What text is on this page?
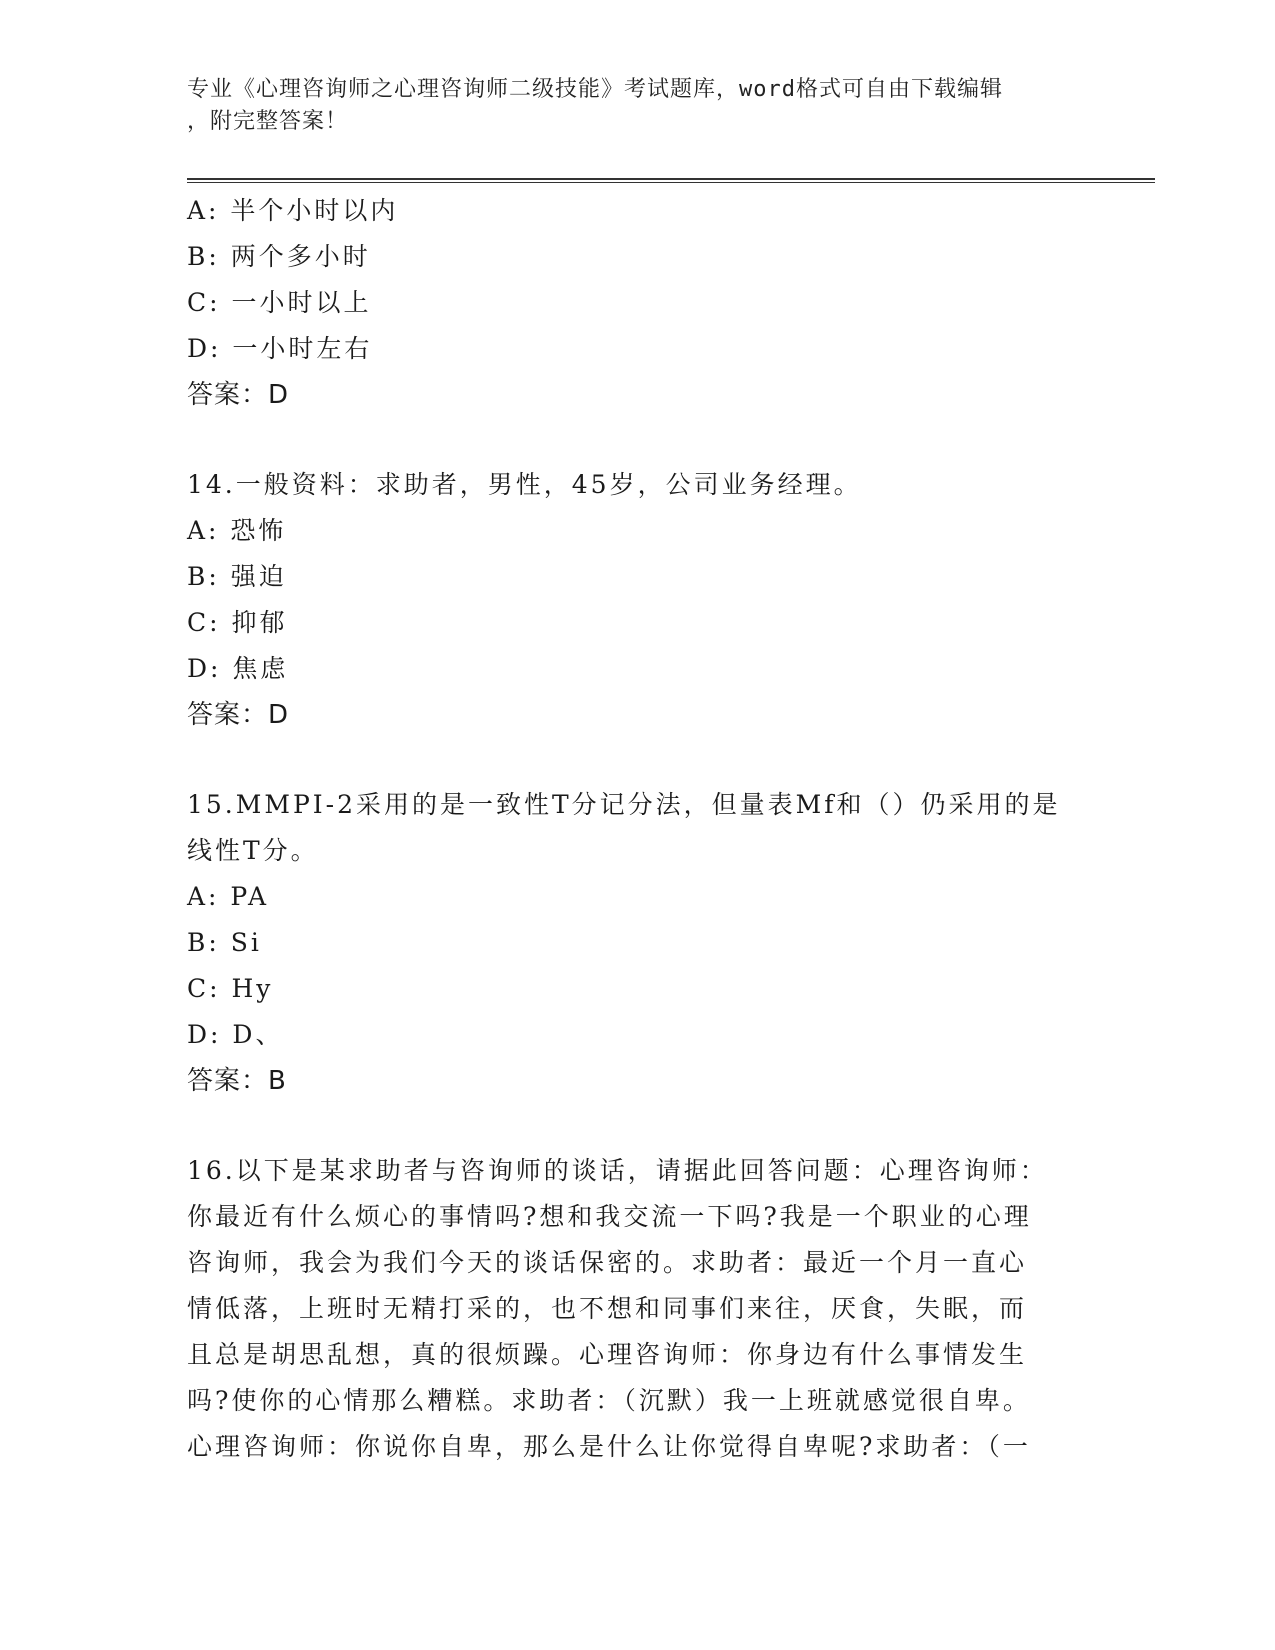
专业《心理咨询师之心理咨询师二级技能》考试题库，word格式可自由下载编辑
，附完整答案！

A: 半个小时以内

B: 两个多小时

C: 一小时以上

D: 一小时左右

答案：D

14.一般资料：求助者，男性，45岁，公司业务经理。

A: 恐怖

B: 强迫

C: 抑郁

D: 焦虑

答案：D

15.MMPI-2采用的是一致性T分记分法，但量表Mf和（）仍采用的是
线性T分。

A: PA

B: Si

C: Hy

D: D、

答案：B

16.以下是某求助者与咨询师的谈话，请据此回答问题：心理咨询师：
你最近有什么烦心的事情吗?想和我交流一下吗?我是一个职业的心理
咨询师，我会为我们今天的谈话保密的。求助者：最近一个月一直心
情低落，上班时无精打采的，也不想和同事们来往，厌食，失眠，而
且总是胡思乱想，真的很烦躁。心理咨询师：你身边有什么事情发生
吗?使你的心情那么糟糕。求助者：（沉默）我一上班就感觉很自卑。
心理咨询师：你说你自卑，那么是什么让你觉得自卑呢?求助者：（一
